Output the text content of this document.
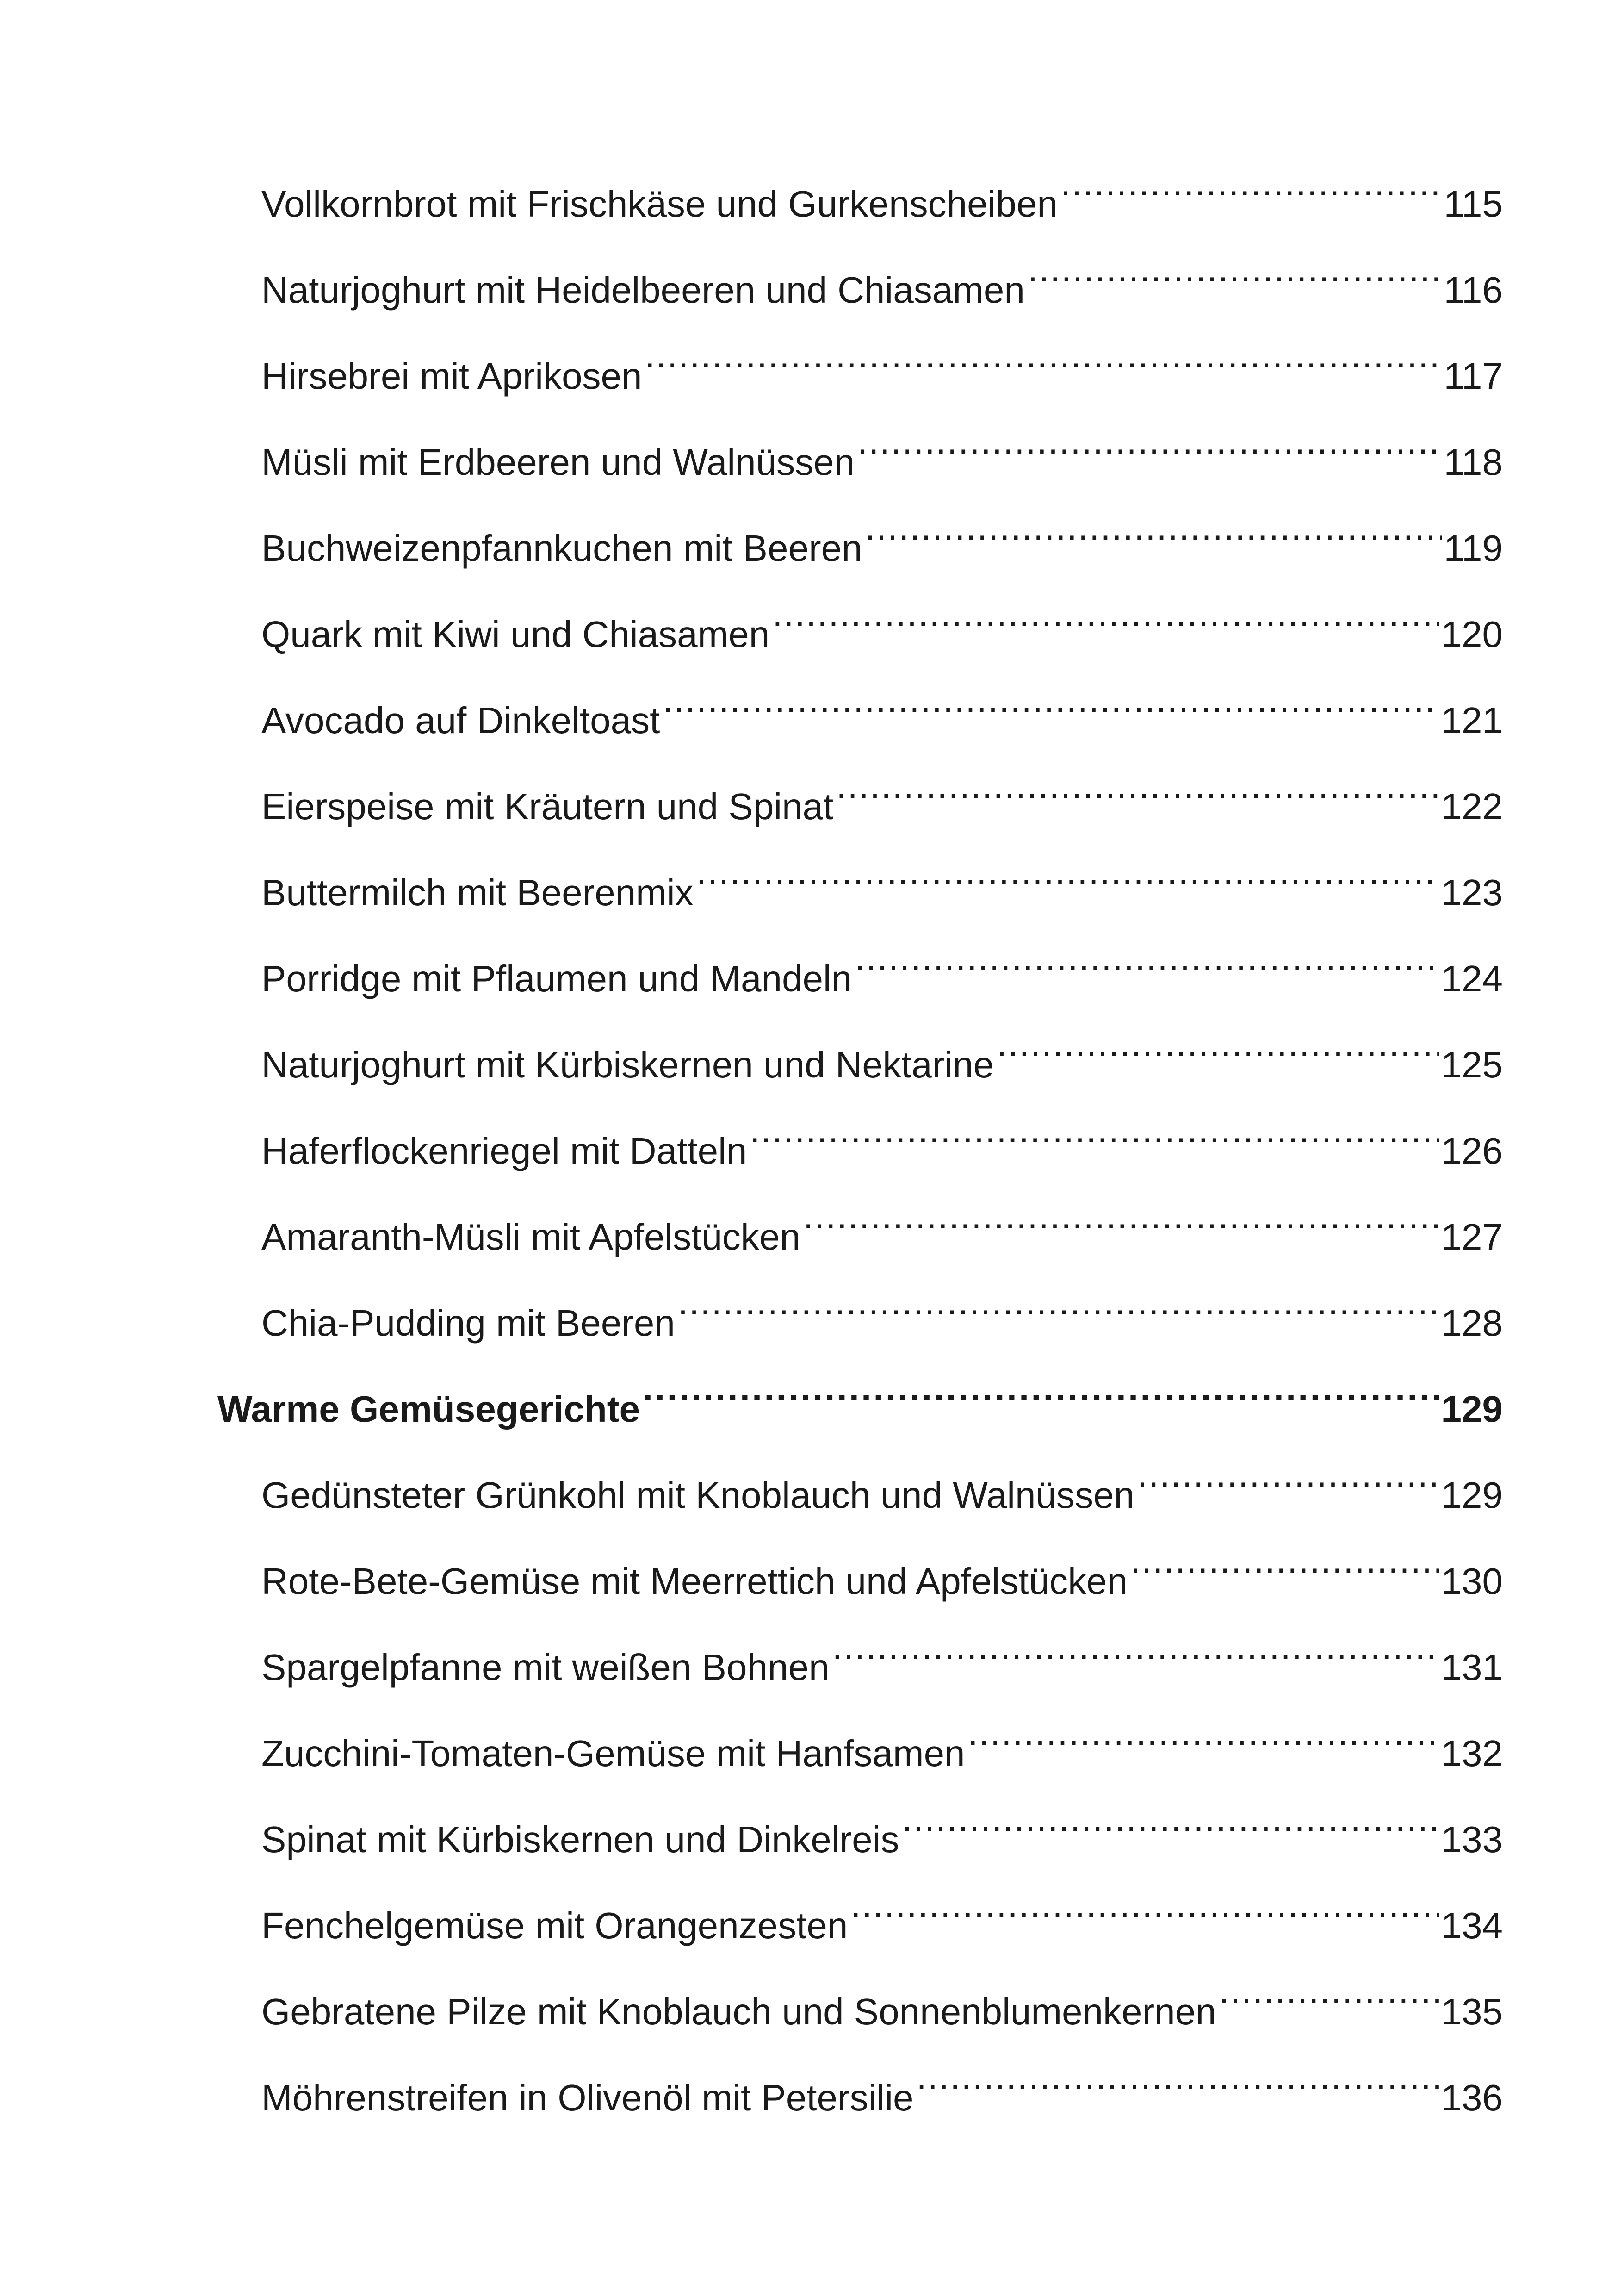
Vollkornbrot mit Frischkäse und Gurkenscheiben .....	115
Naturjoghurt mit Heidelbeeren und Chiasamen .....	116
Hirsebrei mit Aprikosen .....	117
Müsli mit Erdbeeren und Walnüssen .....	118
Buchweizenpfannkuchen mit Beeren .....	119
Quark mit Kiwi und Chiasamen .....	120
Avocado auf Dinkeltoast .....	121
Eierspeise mit Kräutern und Spinat .....	122
Buttermilch mit Beerenmix .....	123
Porridge mit Pflaumen und Mandeln .....	124
Naturjoghurt mit Kürbiskernen und Nektarine .....	125
Haferflockenriegel mit Datteln .....	126
Amaranth-Müsli mit Apfelstücken .....	127
Chia-Pudding mit Beeren .....	128
Warme Gemüsegerichte .....	129
Gedünsteter Grünkohl mit Knoblauch und Walnüssen .....	129
Rote-Bete-Gemüse mit Meerrettich und Apfelstücken .....	130
Spargelpfanne mit weißen Bohnen .....	131
Zucchini-Tomaten-Gemüse mit Hanfsamen .....	132
Spinat mit Kürbiskernen und Dinkelreis .....	133
Fenchelgemüse mit Orangenzesten .....	134
Gebratene Pilze mit Knoblauch und Sonnenblumenkernen .....	135
Möhrenstreifen in Olivenöl mit Petersilie .....	136
